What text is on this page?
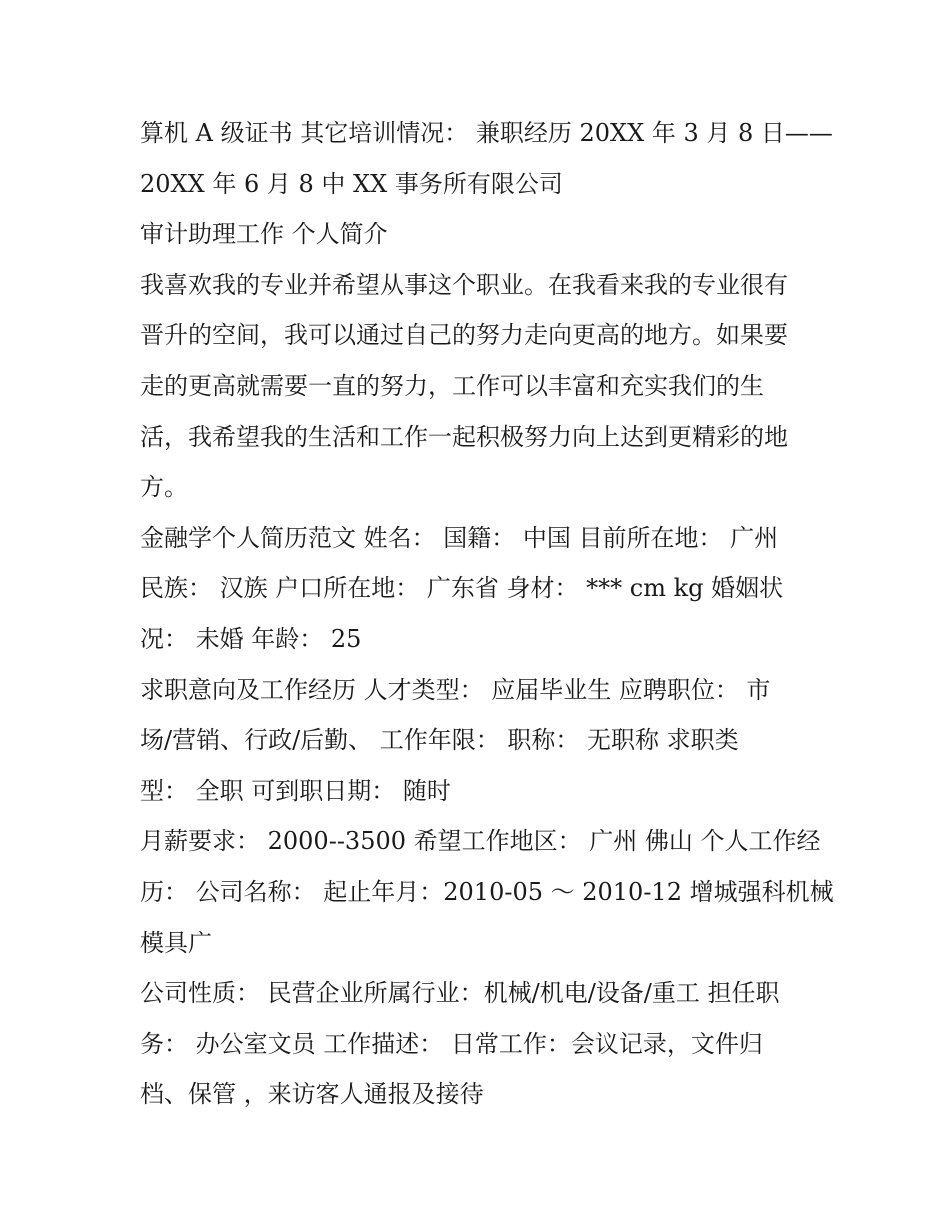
算机 A 级证书 其它培训情况： 兼职经历 20XX 年 3 月 8 日——
20XX 年 6 月 8 中 XX 事务所有限公司
审计助理工作 个人简介
我喜欢我的专业并希望从事这个职业。在我看来我的专业很有
晋升的空间，我可以通过自己的努力走向更高的地方。如果要
走的更高就需要一直的努力，工作可以丰富和充实我们的生
活，我希望我的生活和工作一起积极努力向上达到更精彩的地
方。
金融学个人简历范文 姓名： 国籍： 中国 目前所在地： 广州
民族： 汉族 户口所在地： 广东省 身材： *** cm kg 婚姻状
况： 未婚 年龄： 25
求职意向及工作经历 人才类型： 应届毕业生 应聘职位： 市
场/营销、行政/后勤、 工作年限： 职称： 无职称 求职类
型： 全职 可到职日期： 随时
月薪要求： 2000--3500 希望工作地区： 广州 佛山 个人工作经
历： 公司名称： 起止年月：2010-05 ～ 2010-12 增城强科机械
模具广
公司性质： 民营企业所属行业：机械/机电/设备/重工 担任职
务： 办公室文员 工作描述： 日常工作：会议记录，文件归
档、保管 ，来访客人通报及接待
